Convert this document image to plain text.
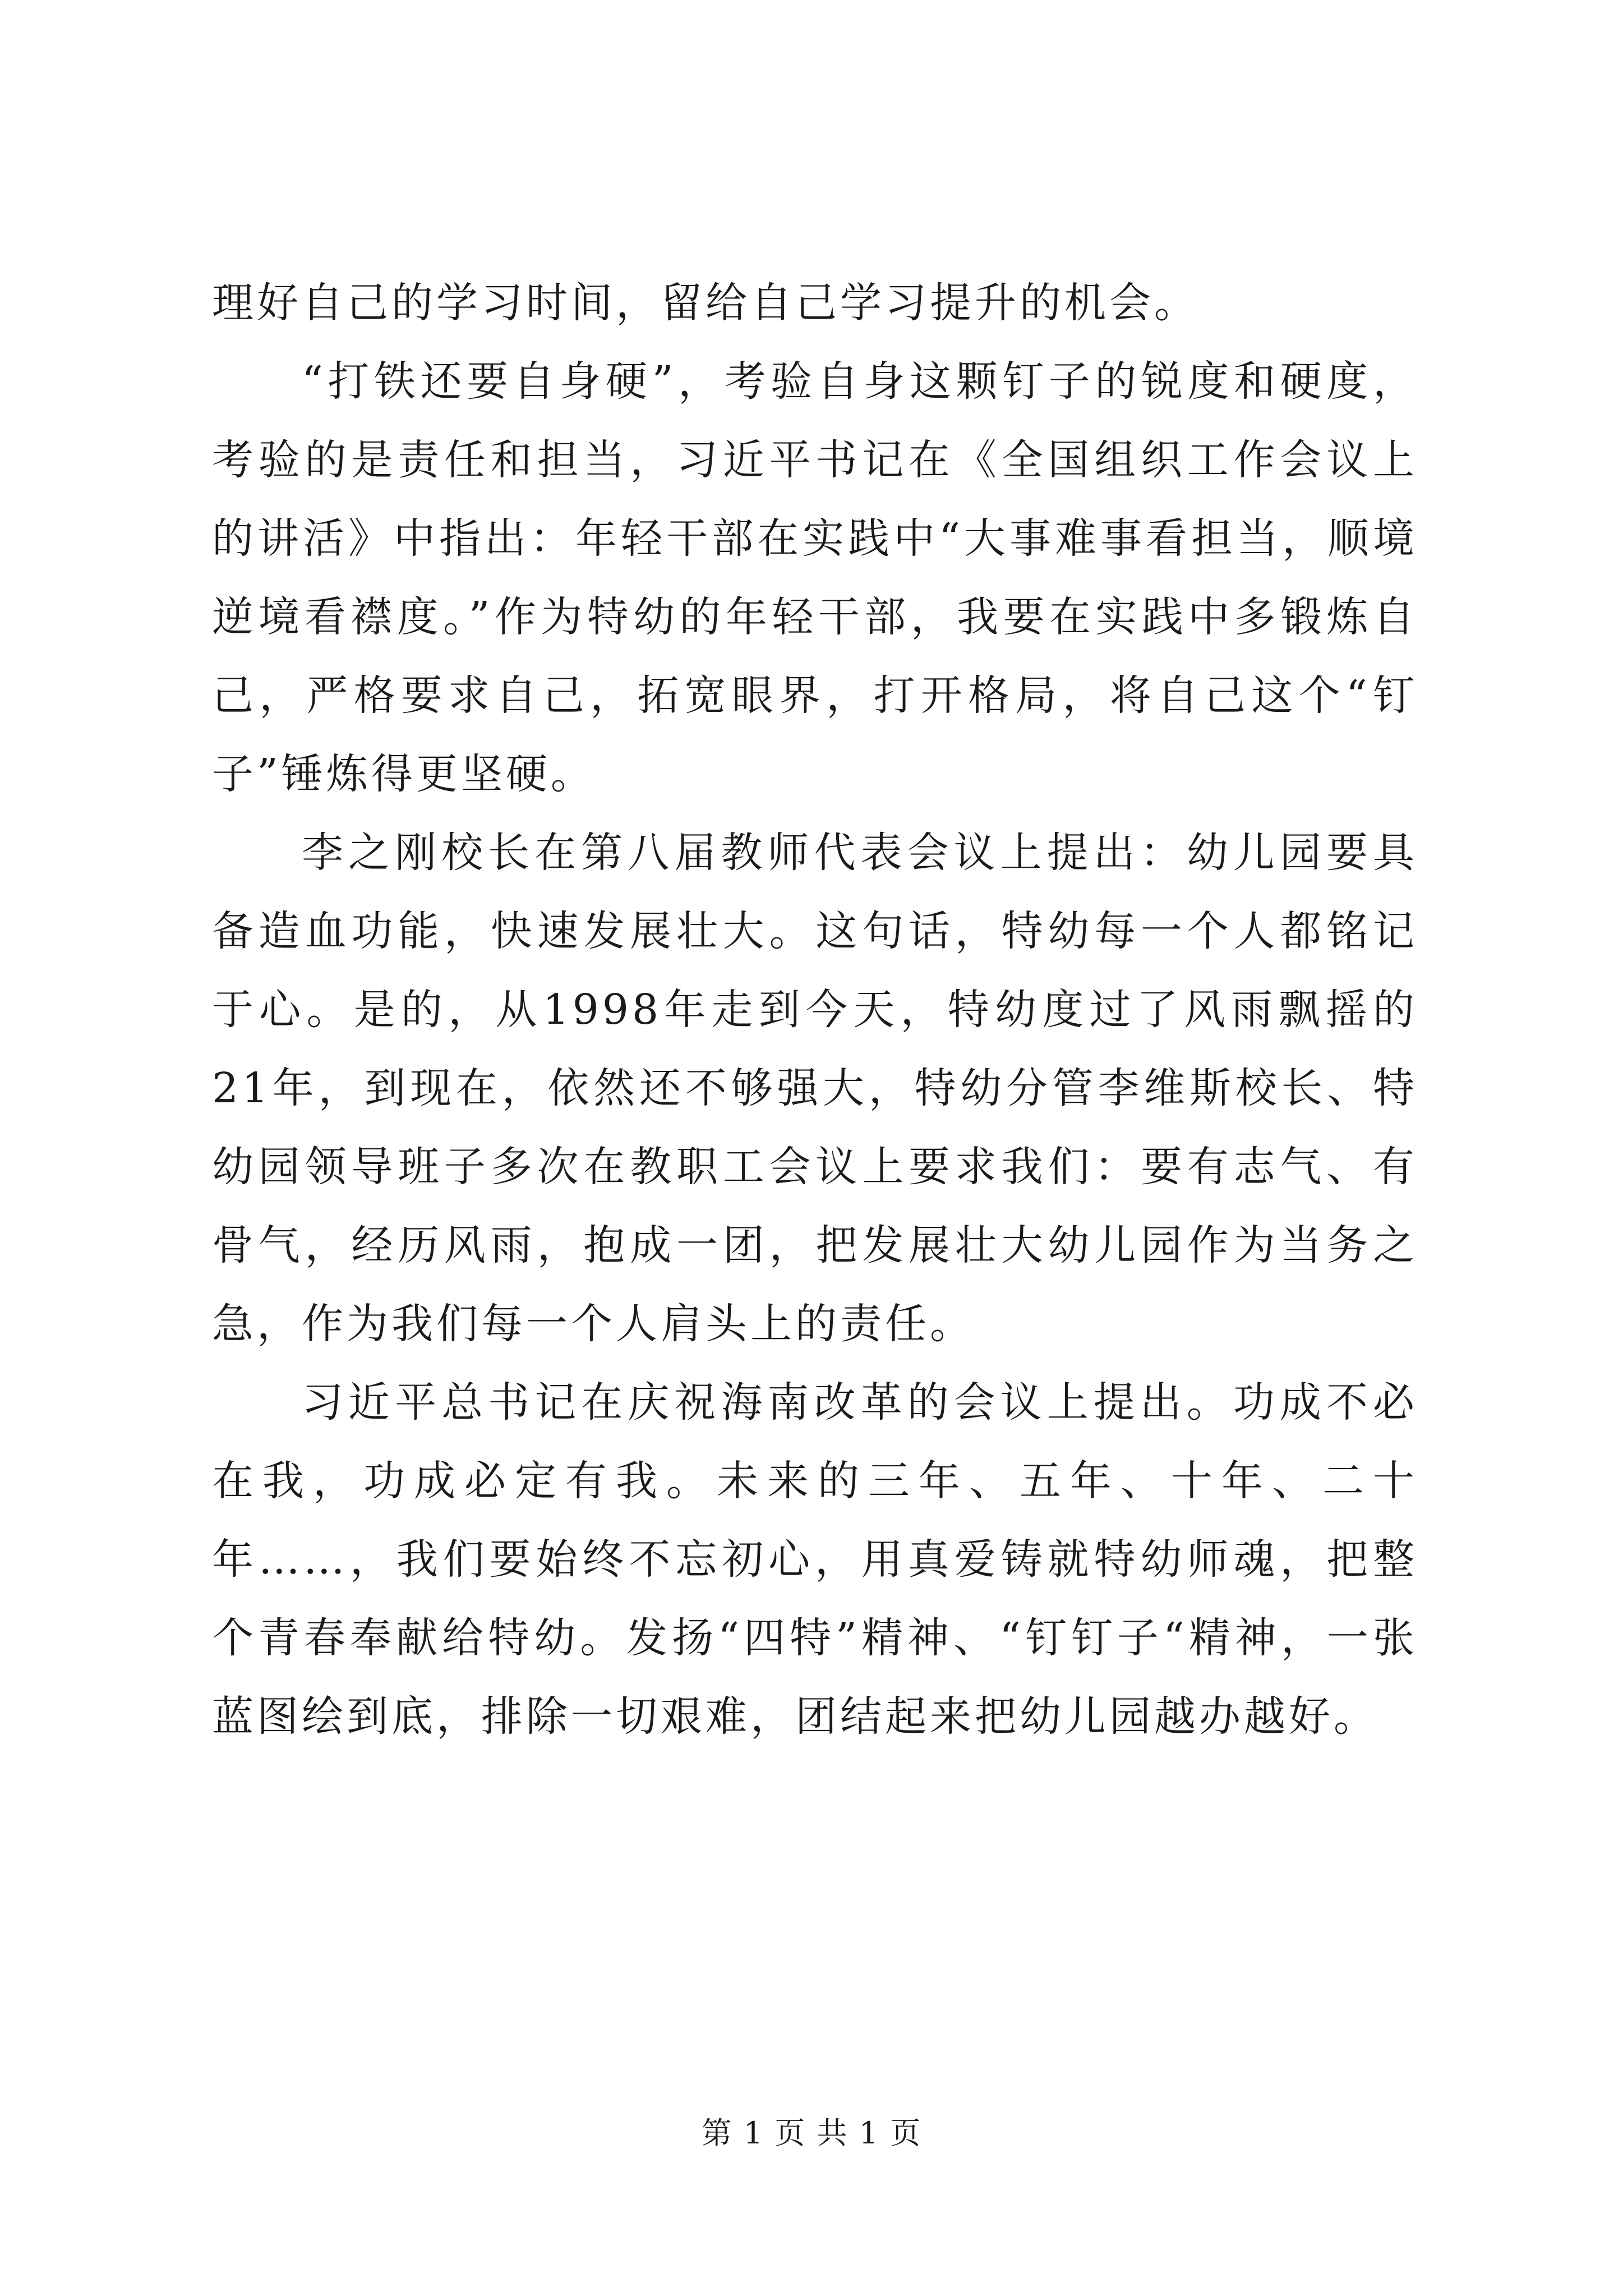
理好自己的学习时间，留给自己学习提升的机会。

“打铁还要自身硬”，考验自身这颗钉子的锐度和硬度，考验的是责任和担当，习近平书记在《全国组织工作会议上的讲活》中指出：年轻干部在实践中“大事难事看担当，顺境逆境看襟度。”作为特幼的年轻干部，我要在实践中多锻炼自己，严格要求自己，拓宽眼界，打开格局，将自己这个“钉子”锤炼得更坚硬。

李之刚校长在第八届教师代表会议上提出：幼儿园要具备造血功能，快速发展壮大。这句话，特幼每一个人都铭记于心。是的，从1998年走到今天，特幼度过了风雨飘摇的21年，到现在，依然还不够强大，特幼分管李维斯校长、特幼园领导班子多次在教职工会议上要求我们：要有志气、有骨气，经历风雨，抱成一团，把发展壮大幼儿园作为当务之急，作为我们每一个人肩头上的责任。

习近平总书记在庆祝海南改革的会议上提出。功成不必在我，功成必定有我。未来的三年、五年、十年、二十年……，我们要始终不忘初心，用真爱铸就特幼师魂，把整个青春奉献给特幼。发扬“四特”精神、“钉钉子“精神，一张蓝图绘到底，排除一切艰难，团结起来把幼儿园越办越好。

第 1 页 共 1 页
